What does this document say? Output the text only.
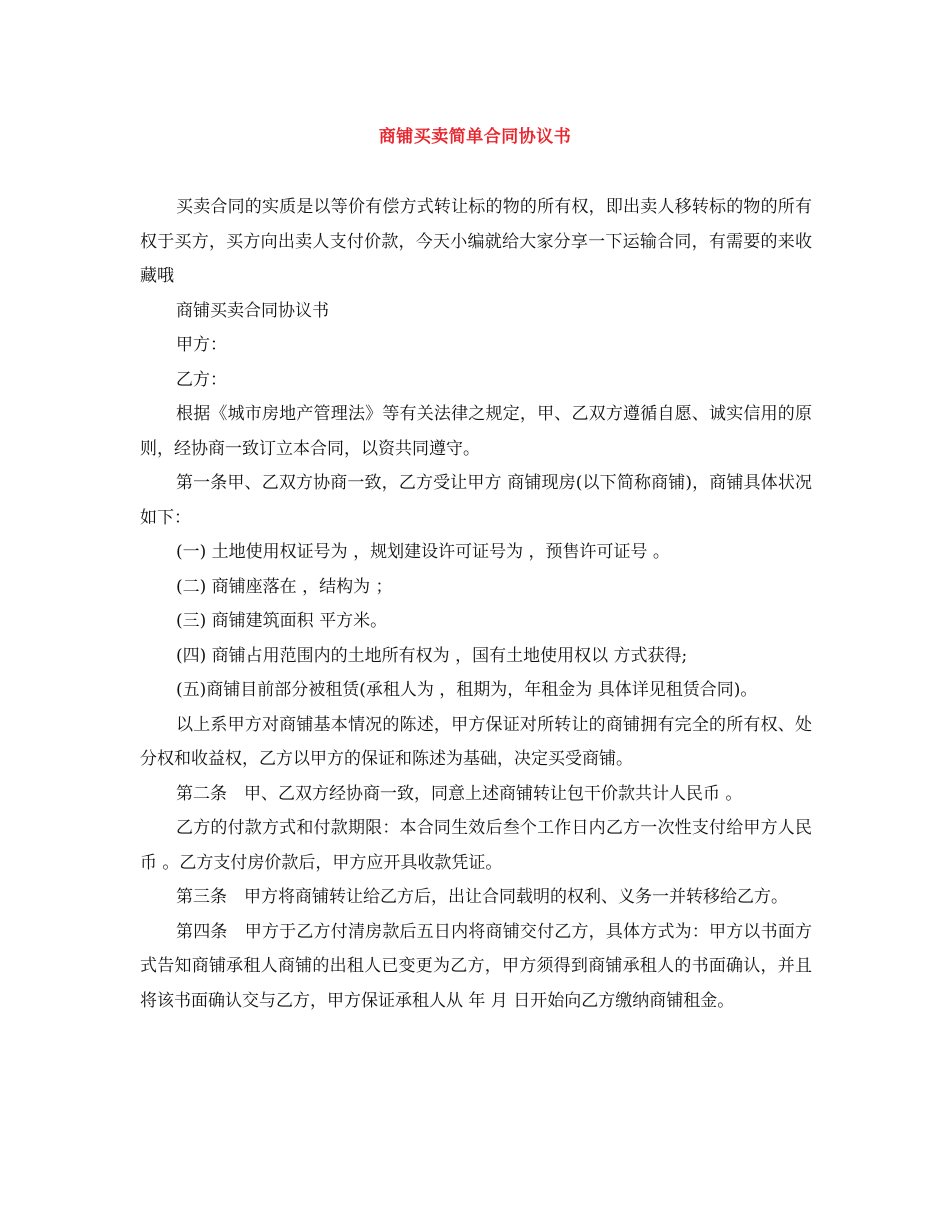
商铺买卖简单合同协议书

买卖合同的实质是以等价有偿方式转让标的物的所有权，即出卖人移转标的物的所有权于买方，买方向出卖人支付价款，今天小编就给大家分享一下运输合同，有需要的来收藏哦

商铺买卖合同协议书

甲方：

乙方：

根据《城市房地产管理法》等有关法律之规定，甲、乙双方遵循自愿、诚实信用的原则，经协商一致订立本合同，以资共同遵守。

第一条甲、乙双方协商一致，乙方受让甲方 商铺现房(以下简称商铺)，商铺具体状况如下：

(一) 土地使用权证号为 ，规划建设许可证号为 ，预售许可证号 。

(二) 商铺座落在 ，结构为 ；

(三) 商铺建筑面积 平方米。

(四) 商铺占用范围内的土地所有权为 ，国有土地使用权以 方式获得;

(五)商铺目前部分被租赁(承租人为 ，租期为，年租金为 具体详见租赁合同)。

以上系甲方对商铺基本情况的陈述，甲方保证对所转让的商铺拥有完全的所有权、处分权和收益权，乙方以甲方的保证和陈述为基础，决定买受商铺。

第二条　甲、乙双方经协商一致，同意上述商铺转让包干价款共计人民币 。

乙方的付款方式和付款期限：本合同生效后叁个工作日内乙方一次性支付给甲方人民币 。乙方支付房价款后，甲方应开具收款凭证。

第三条　甲方将商铺转让给乙方后，出让合同载明的权利、义务一并转移给乙方。

第四条　甲方于乙方付清房款后五日内将商铺交付乙方，具体方式为：甲方以书面方式告知商铺承租人商铺的出租人已变更为乙方，甲方须得到商铺承租人的书面确认，并且将该书面确认交与乙方，甲方保证承租人从 年 月 日开始向乙方缴纳商铺租金。
